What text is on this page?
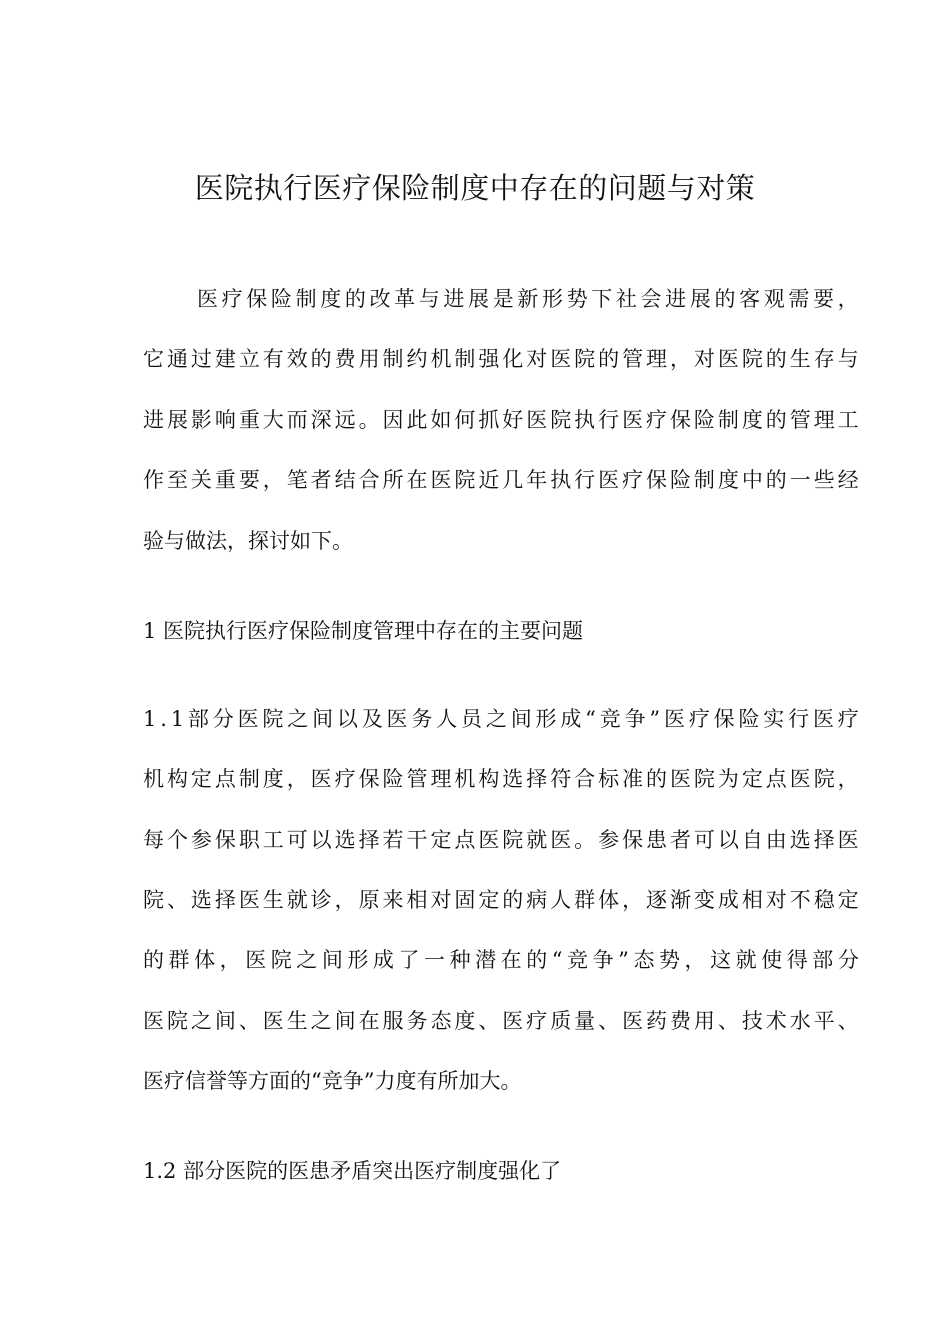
医院执行医疗保险制度中存在的问题与对策
医 疗 保 险 制 度 的 改 革 与 进 展 是 新 形 势 下 社 会 进 展 的 客 观 需 要 ，
它 通 过 建 立 有 效 的 费 用 制 约 机 制 强 化 对 医 院 的 管 理 ， 对 医 院 的 生 存 与
进 展 影 响 重 大 而 深 远 。 因 此 如 何 抓 好 医 院 执 行 医 疗 保 险 制 度 的 管 理 工
作 至 关 重 要 ， 笔 者 结 合 所 在 医 院 近 几 年 执 行 医 疗 保 险 制 度 中 的 一 些 经
验与做法，探讨如下。
1 医院执行医疗保险制度管理中存在的主要问题
1 . 1 部 分 医 院 之 间 以 及 医 务 人 员 之 间 形 成 “ 竞 争 ” 医 疗 保 险 实 行 医 疗
机 构 定 点 制 度 ， 医 疗 保 险 管 理 机 构 选 择 符 合 标 准 的 医 院 为 定 点 医 院 ，
每 个 参 保 职 工 可 以 选 择 若 干 定 点 医 院 就 医 。 参 保 患 者 可 以 自 由 选 择 医
院 、 选 择 医 生 就 诊 ， 原 来 相 对 固 定 的 病 人 群 体 ， 逐 渐 变 成 相 对 不 稳 定
的 群 体 ， 医 院 之 间 形 成 了 一 种 潜 在 的 “ 竞 争 ” 态 势 ， 这 就 使 得 部 分
医 院 之 间 、 医 生 之 间 在 服 务 态 度 、 医 疗 质 量 、 医 药 费 用 、 技 术 水 平 、
医疗信誉等方面的“竞争”力度有所加大。
1.2 部分医院的医患矛盾突出医疗制度强化了
